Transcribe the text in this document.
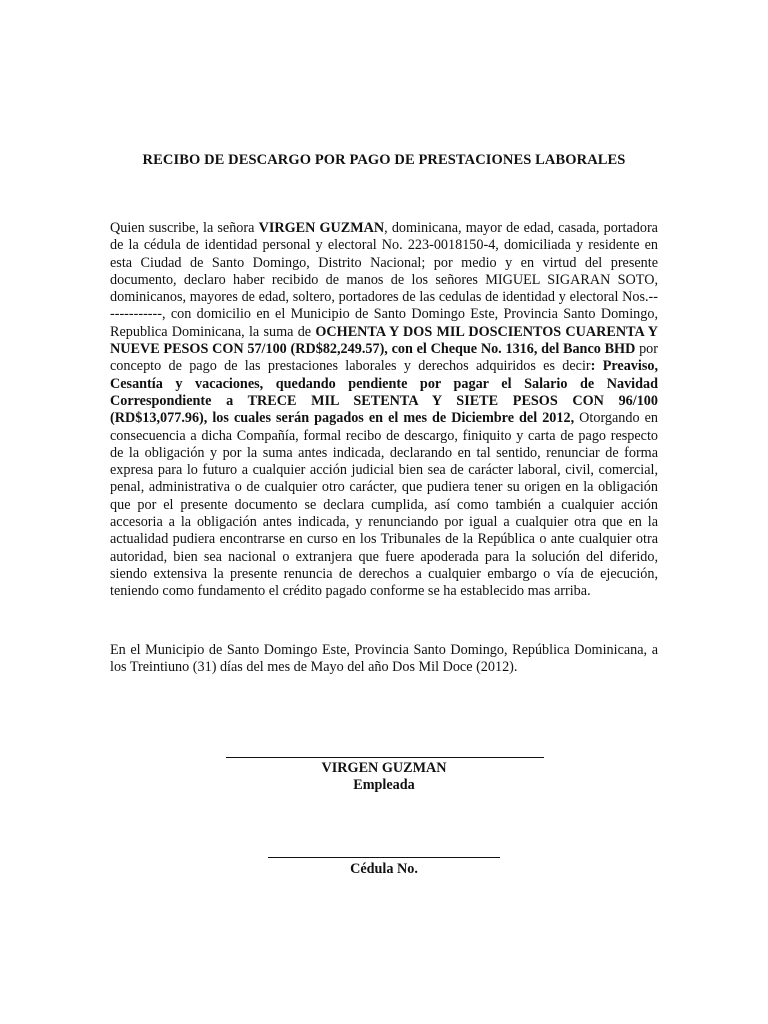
RECIBO DE DESCARGO POR PAGO DE PRESTACIONES LABORALES

Quien suscribe, la señora VIRGEN GUZMAN, dominicana, mayor de edad, casada, portadora de la cédula de identidad personal y electoral No. 223-0018150-4, domiciliada y residente en esta Ciudad de Santo Domingo, Distrito Nacional; por medio y en virtud del presente documento, declaro haber recibido de manos de los señores MIGUEL SIGARAN SOTO, dominicanos, mayores de edad, soltero, portadores de las cedulas de identidad y electoral Nos.-------------, con domicilio en el Municipio de Santo Domingo Este, Provincia Santo Domingo, Republica Dominicana, la suma de OCHENTA Y DOS MIL DOSCIENTOS CUARENTA Y NUEVE PESOS CON 57/100 (RD$82,249.57), con el Cheque No. 1316, del Banco BHD por concepto de pago de las prestaciones laborales y derechos adquiridos es decir: Preaviso, Cesantía y vacaciones, quedando pendiente por pagar el Salario de Navidad Correspondiente a TRECE MIL SETENTA Y SIETE PESOS CON 96/100 (RD$13,077.96), los cuales serán pagados en el mes de Diciembre del 2012, Otorgando en consecuencia a dicha Compañía, formal recibo de descargo, finiquito y carta de pago respecto de la obligación y por la suma antes indicada, declarando en tal sentido, renunciar de forma expresa para lo futuro a cualquier acción judicial bien sea de carácter laboral, civil, comercial, penal, administrativa o de cualquier otro carácter, que pudiera tener su origen en la obligación que por el presente documento se declara cumplida, así como también a cualquier acción accesoria a la obligación antes indicada, y renunciando por igual a cualquier otra que en la actualidad pudiera encontrarse en curso en los Tribunales de la República o ante cualquier otra autoridad, bien sea nacional o extranjera que fuere apoderada para la solución del diferido, siendo extensiva la presente renuncia de derechos a cualquier embargo o vía de ejecución, teniendo como fundamento el crédito pagado conforme se ha establecido mas arriba.

En el Municipio de Santo Domingo Este, Provincia Santo Domingo, República Dominicana, a los Treintiuno (31) días del mes de Mayo del año Dos Mil Doce (2012).

VIRGEN GUZMAN
Empleada
Cédula No.
